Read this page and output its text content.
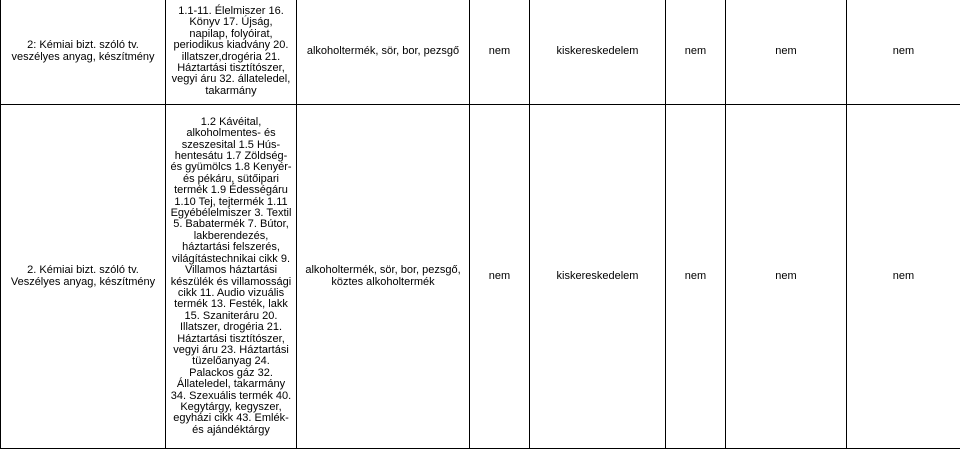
2: Kémiai bizt. szóló tv. veszélyes anyag, készítmény	1.1-11. Élelmiszer 16. Könyv 17. Újság, napilap, folyóirat, periodikus kiadvány 20. illatszer,drogéria 21. Háztartási tisztítószer, vegyi áru 32. állateledel, takarmány	alkoholtermék, sör, bor, pezsgő	nem	kiskereskedelem	nem	nem	nem
2. Kémiai bizt. szóló tv. Veszélyes anyag, készítmény	1.2 Kávéital, alkoholmentes- és szeszesital 1.5 Hús- hentesátu 1.7 Zöldség-és gyümölcs 1.8 Kenyér-és pékáru, sütőipari termék 1.9 Édességáru 1.10 Tej, tejtermék 1.11 Egyébélelmiszer 3. Textil 5. Babatermék 7. Bútor, lakberendezés, háztartási felszerés, világítástechnikai cikk 9. Villamos háztartási készülék és villamossági cikk 11. Audio vizuális termék 13. Festék, lakk 15. Szaniteráru 20. Illatszer, drogéria 21. Háztartási tisztítószer, vegyi áru 23. Háztartási tüzelőanyag 24. Palackos gáz 32. Állateledel, takarmány 34. Szexuális termék 40. Kegytárgy, kegyszer, egyházi cikk 43. Emlék- és ajándéktárgy	alkoholtermék, sör, bor, pezsgő, köztes alkoholtermék	nem	kiskereskedelem	nem	nem	nem
